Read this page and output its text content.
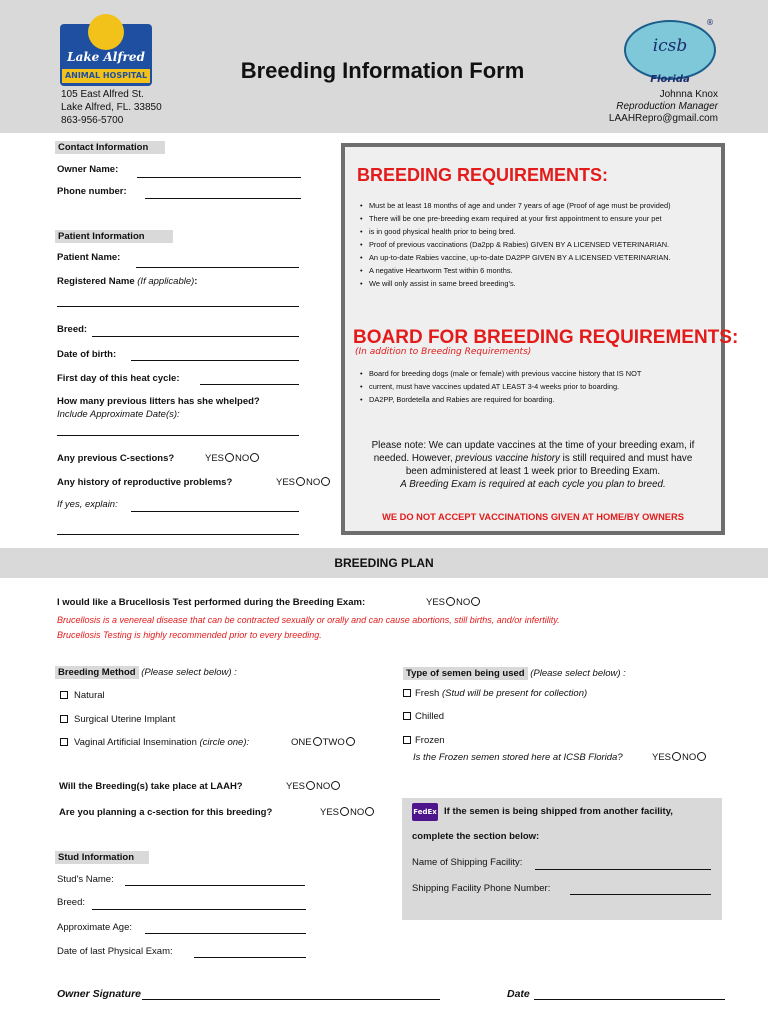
Lake Alfred
ANIMAL HOSPITAL	Breeding Information Form
105 East Alfred St.
Lake Alfred, FL. 33850
863-956-5700
icsb
Florida
®
Johnna Knox
Reproduction Manager
LAAHRepro@gmail.com
Contact Information
Owner Name:
Phone number:
Patient Information
Patient Name:
Registered Name (If applicable):
Breed:
Date of birth:
First day of this heat cycle:
How many previous litters has she whelped?
Include Approximate Date(s):
Any previous C-sections?	YES NO
Any history of reproductive problems?	YES NO
If yes, explain:
BREEDING REQUIREMENTS:
• Must be at least 18 months of age and under 7 years of age (Proof of age must be provided)
• There will be one pre-breeding exam required at your first appointment to ensure your pet
• is in good physical health prior to being bred.
• Proof of previous vaccinations (Da2pp & Rabies) GIVEN BY A LICENSED VETERINARIAN.
• An up-to-date Rabies vaccine, up-to-date DA2PP GIVEN BY A LICENSED VETERINARIAN.
• A negative Heartworm Test within 6 months.
• We will only assist in same breed breeding's.
BOARD FOR BREEDING REQUIREMENTS:
(In addition to Breeding Requirements)
• Board for breeding dogs (male or female) with previous vaccine history that IS NOT
• current, must have vaccines updated AT LEAST 3-4 weeks prior to boarding.
• DA2PP, Bordetella and Rabies are required for boarding.
Please note: We can update vaccines at the time of your breeding exam, if
needed. However, previous vaccine history is still required and must have
been administered at least 1 week prior to Breeding Exam.
A Breeding Exam is required at each cycle you plan to breed.
WE DO NOT ACCEPT VACCINATIONS GIVEN AT HOME/BY OWNERS
BREEDING PLAN
I would like a Brucellosis Test performed during the Breeding Exam:	YES NO
Brucellosis is a venereal disease that can be contracted sexually or orally and can cause abortions, still births, and/or infertility.
Brucellosis Testing is highly recommended prior to every breeding.
Breeding Method (Please select below) :
Natural
Surgical Uterine Implant
Vaginal Artificial Insemination (circle one):	ONE TWO
Type of semen being used (Please select below) :
Fresh (Stud will be present for collection)
Chilled
Frozen
Is the Frozen semen stored here at ICSB Florida?	YES NO
Will the Breeding(s) take place at LAAH?	YES NO
Are you planning a c-section for this breeding?	YES NO	FedEx If the semen is being shipped from another facility,
complete the section below:
Name of Shipping Facility:
Shipping Facility Phone Number:
Stud Information
Stud's Name:
Breed:
Approximate Age:
Date of last Physical Exam:
Owner Signature	Date
